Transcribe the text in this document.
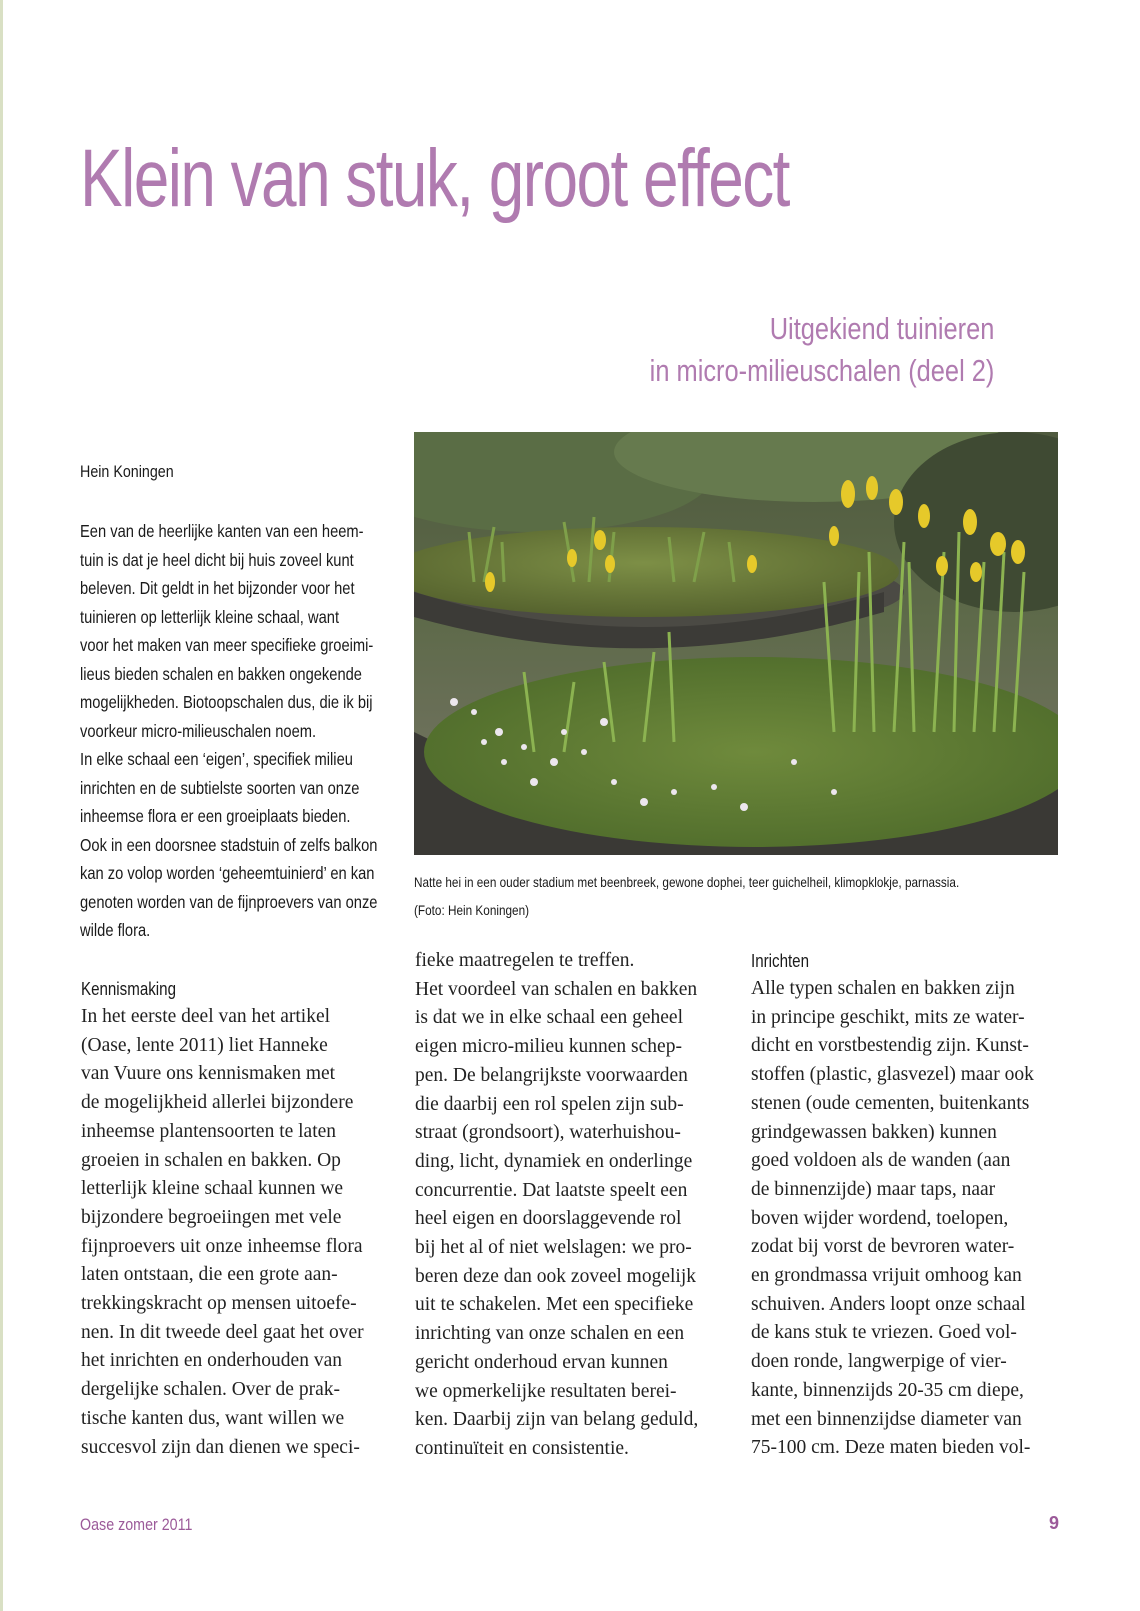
Klein van stuk, groot effect
Uitgekiend tuinieren
in micro-milieuschalen (deel 2)
Hein Koningen

Een van de heerlijke kanten van een heem-

tuin is dat je heel dicht bij huis zoveel kunt

beleven. Dit geldt in het bijzonder voor het

tuinieren op letterlijk kleine schaal, want

voor het maken van meer specifieke groeimi-

lieus bieden schalen en bakken ongekende

mogelijkheden. Biotoopschalen dus, die ik bij

voorkeur micro-milieuschalen noem.

In elke schaal een ‘eigen’, specifiek milieu

inrichten en de subtielste soorten van onze

inheemse flora er een groeiplaats bieden.

Ook in een doorsnee stadstuin of zelfs balkon

kan zo volop worden ‘geheemtuinierd’ en kan

genoten worden van de fijnproevers van onze

wilde flora.

Natte hei in een ouder stadium met beenbreek, gewone dophei, teer guichelheil, klimopklokje, parnassia.
(Foto: Hein Koningen)
Kennismaking
In het eerste deel van het artikel
(Oase, lente 2011) liet Hanneke
van Vuure ons kennismaken met
de mogelijkheid allerlei bijzondere
inheemse plantensoorten te laten
groeien in schalen en bakken. Op
letterlijk kleine schaal kunnen we
bijzondere begroeiingen met vele
fijnproevers uit onze inheemse flora
laten ontstaan, die een grote aan-
trekkingskracht op mensen uitoefe-
nen. In dit tweede deel gaat het over
het inrichten en onderhouden van
dergelijke schalen. Over de prak-
tische kanten dus, want willen we
succesvol zijn dan dienen we speci-
fieke maatregelen te treffen.
Het voordeel van schalen en bakken
is dat we in elke schaal een geheel
eigen micro-milieu kunnen schep-
pen. De belangrijkste voorwaarden
die daarbij een rol spelen zijn sub-
straat (grondsoort), waterhuishou-
ding, licht, dynamiek en onderlinge
concurrentie. Dat laatste speelt een
heel eigen en doorslaggevende rol
bij het al of niet welslagen: we pro-
beren deze dan ook zoveel mogelijk
uit te schakelen. Met een specifieke
inrichting van onze schalen en een
gericht onderhoud ervan kunnen
we opmerkelijke resultaten berei-
ken. Daarbij zijn van belang geduld,
continuïteit en consistentie.
Inrichten
Alle typen schalen en bakken zijn
in principe geschikt, mits ze water-
dicht en vorstbestendig zijn. Kunst-
stoffen (plastic, glasvezel) maar ook
stenen (oude cementen, buitenkants
grindgewassen bakken) kunnen
goed voldoen als de wanden (aan
de binnenzijde) maar taps, naar
boven wijder wordend, toelopen,
zodat bij vorst de bevroren water-
en grondmassa vrijuit omhoog kan
schuiven. Anders loopt onze schaal
de kans stuk te vriezen. Goed vol-
doen ronde, langwerpige of vier-
kante, binnenzijds 20-35 cm diepe,
met een binnenzijdse diameter van
75-100 cm. Deze maten bieden vol-
Oase zomer 2011	9
